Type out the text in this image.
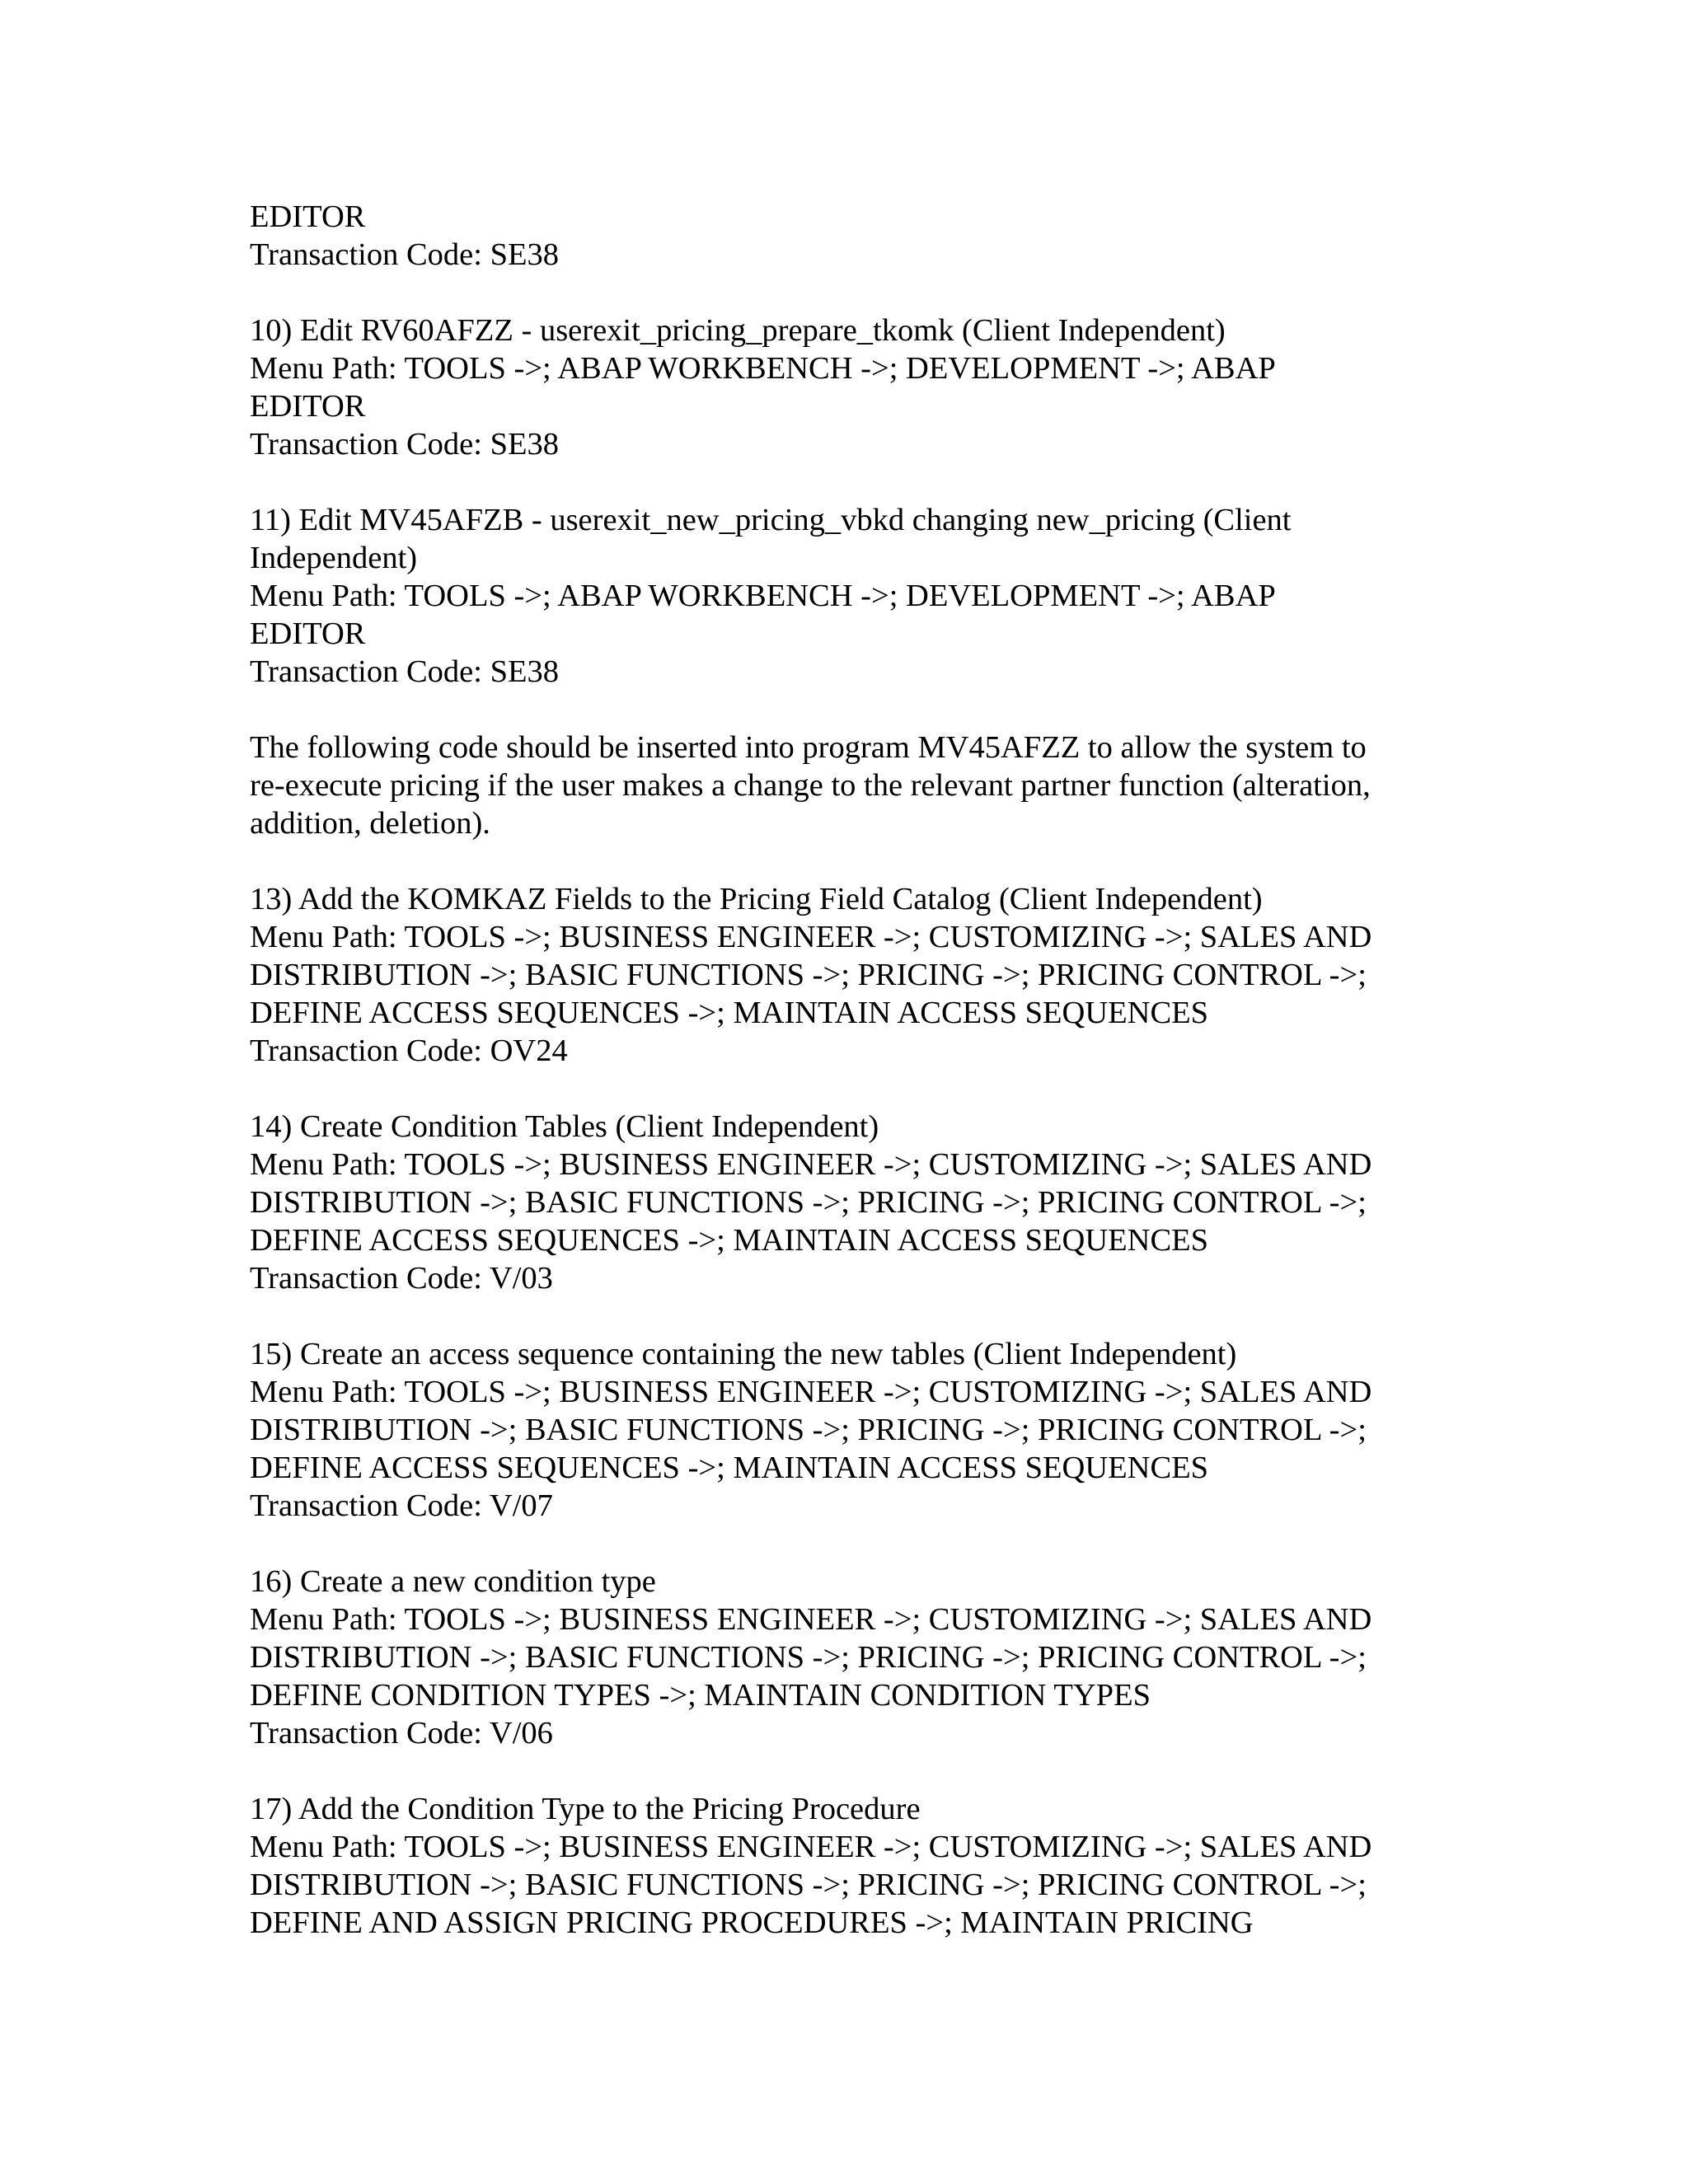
EDITOR
Transaction Code: SE38
10) Edit RV60AFZZ - userexit_pricing_prepare_tkomk (Client Independent)
Menu Path: TOOLS ->; ABAP WORKBENCH ->; DEVELOPMENT ->; ABAP
EDITOR
Transaction Code: SE38
11) Edit MV45AFZB - userexit_new_pricing_vbkd changing new_pricing (Client
Independent)
Menu Path: TOOLS ->; ABAP WORKBENCH ->; DEVELOPMENT ->; ABAP
EDITOR
Transaction Code: SE38
The following code should be inserted into program MV45AFZZ to allow the system to
re-execute pricing if the user makes a change to the relevant partner function (alteration,
addition, deletion).
13) Add the KOMKAZ Fields to the Pricing Field Catalog (Client Independent)
Menu Path: TOOLS ->; BUSINESS ENGINEER ->; CUSTOMIZING ->; SALES AND
DISTRIBUTION ->; BASIC FUNCTIONS ->; PRICING ->; PRICING CONTROL ->;
DEFINE ACCESS SEQUENCES ->; MAINTAIN ACCESS SEQUENCES
Transaction Code: OV24
14) Create Condition Tables (Client Independent)
Menu Path: TOOLS ->; BUSINESS ENGINEER ->; CUSTOMIZING ->; SALES AND
DISTRIBUTION ->; BASIC FUNCTIONS ->; PRICING ->; PRICING CONTROL ->;
DEFINE ACCESS SEQUENCES ->; MAINTAIN ACCESS SEQUENCES
Transaction Code: V/03
15) Create an access sequence containing the new tables (Client Independent)
Menu Path: TOOLS ->; BUSINESS ENGINEER ->; CUSTOMIZING ->; SALES AND
DISTRIBUTION ->; BASIC FUNCTIONS ->; PRICING ->; PRICING CONTROL ->;
DEFINE ACCESS SEQUENCES ->; MAINTAIN ACCESS SEQUENCES
Transaction Code: V/07
16) Create a new condition type
Menu Path: TOOLS ->; BUSINESS ENGINEER ->; CUSTOMIZING ->; SALES AND
DISTRIBUTION ->; BASIC FUNCTIONS ->; PRICING ->; PRICING CONTROL ->;
DEFINE CONDITION TYPES ->; MAINTAIN CONDITION TYPES
Transaction Code: V/06
17) Add the Condition Type to the Pricing Procedure
Menu Path: TOOLS ->; BUSINESS ENGINEER ->; CUSTOMIZING ->; SALES AND
DISTRIBUTION ->; BASIC FUNCTIONS ->; PRICING ->; PRICING CONTROL ->;
DEFINE AND ASSIGN PRICING PROCEDURES ->; MAINTAIN PRICING
